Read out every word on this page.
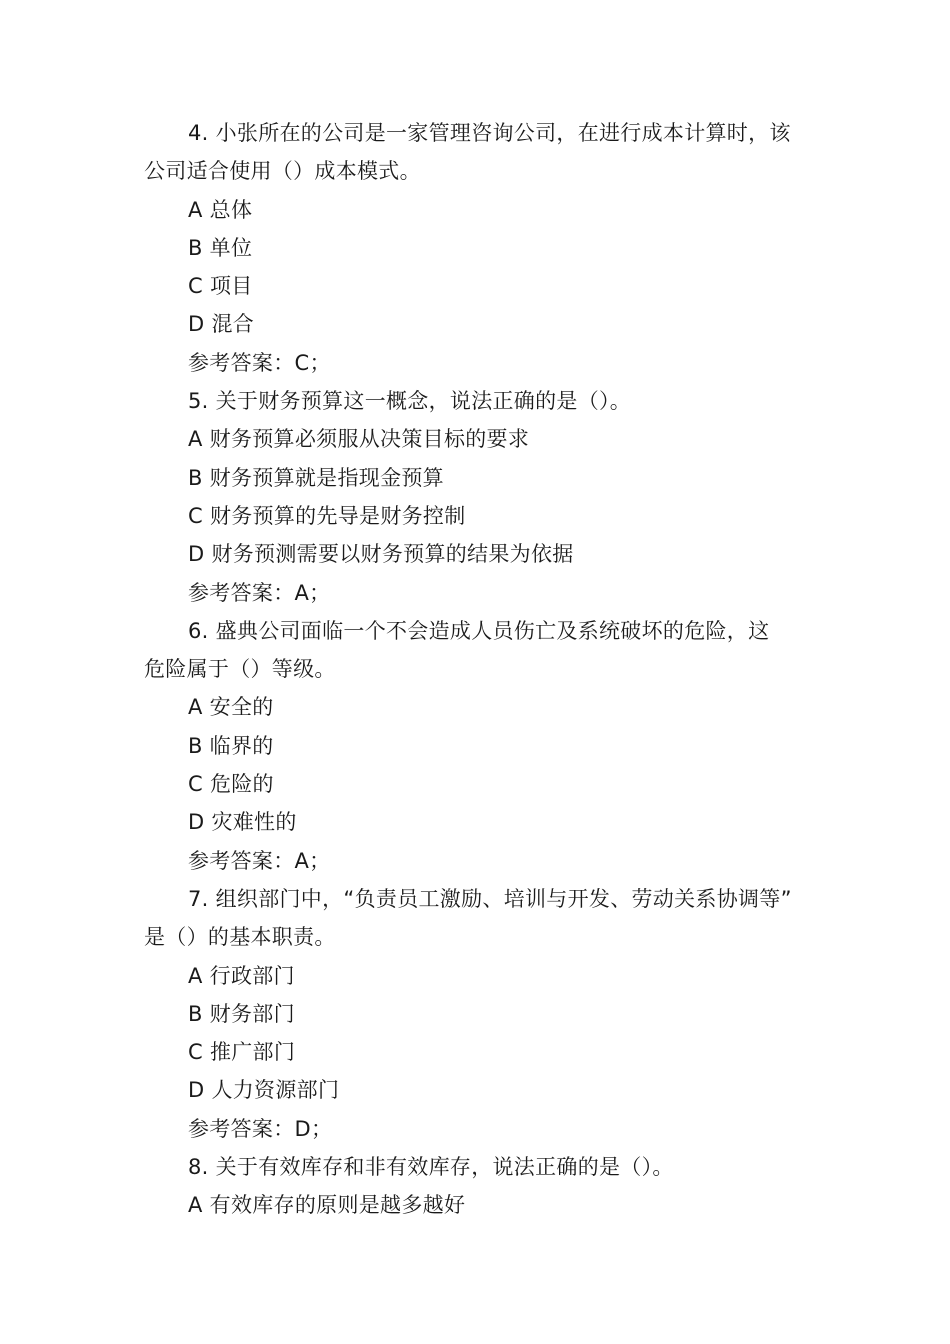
4. 小张所在的公司是一家管理咨询公司，在进行成本计算时，该
公司适合使用（）成本模式。
A 总体
B 单位
C 项目
D 混合
参考答案：C；
5. 关于财务预算这一概念，说法正确的是（）。
A 财务预算必须服从决策目标的要求
B 财务预算就是指现金预算
C 财务预算的先导是财务控制
D 财务预测需要以财务预算的结果为依据
参考答案：A；
6. 盛典公司面临一个不会造成人员伤亡及系统破坏的危险，这
危险属于（）等级。
A 安全的
B 临界的
C 危险的
D 灾难性的
参考答案：A；
7. 组织部门中，“负责员工激励、培训与开发、劳动关系协调等”
是（）的基本职责。
A 行政部门
B 财务部门
C 推广部门
D 人力资源部门
参考答案：D；
8. 关于有效库存和非有效库存，说法正确的是（）。
A 有效库存的原则是越多越好
